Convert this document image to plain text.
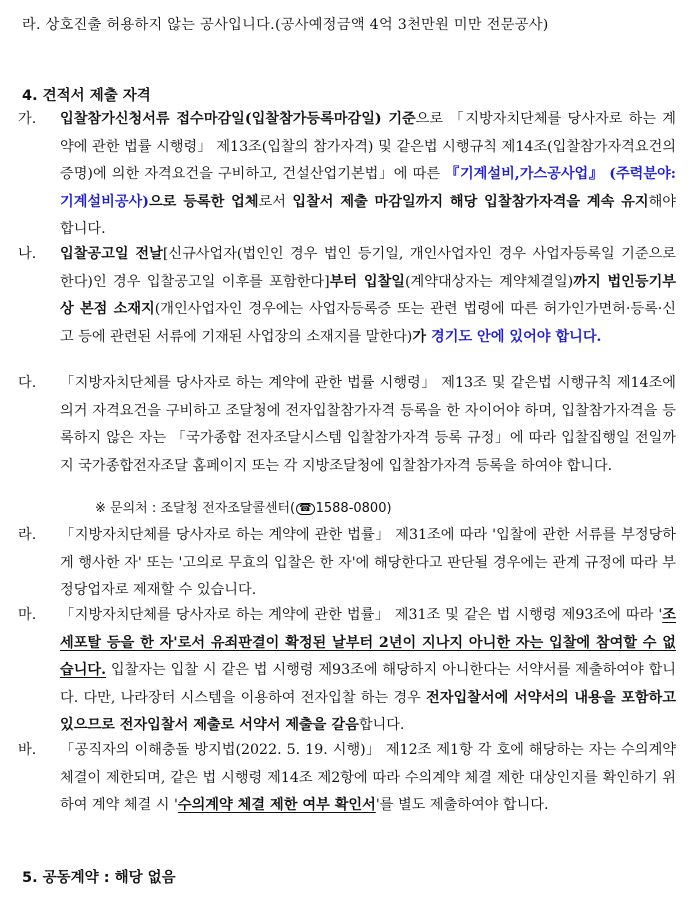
라. 상호진출 허용하지 않는 공사입니다.(공사예정금액 4억 3천만원 미만 전문공사)
4. 견적서 제출 자격
가. 입찰참가신청서류 접수마감일(입찰참가등록마감일) 기준으로 「지방자치단체를 당사자로 하는 계약에 관한 법률 시행령」 제13조(입찰의 참가자격) 및 같은법 시행규칙 제14조(입찰참가자격요건의 증명)에 의한 자격요건을 구비하고, 건설산업기본법」에 따른 『기계설비,가스공사업』 (주력분야: 기계설비공사)으로 등록한 업체로서 입찰서 제출 마감일까지 해당 입찰참가자격을 계속 유지해야 합니다.
나. 입찰공고일 전날[신규사업자(법인인 경우 법인 등기일, 개인사업자인 경우 사업자등록일 기준으로 한다)인 경우 입찰공고일 이후를 포함한다]부터 입찰일(계약대상자는 계약체결일)까지 법인등기부상 본점 소재지(개인사업자인 경우에는 사업자등록증 또는 관련 법령에 따른 허가인가면허·등록·신고 등에 관련된 서류에 기재된 사업장의 소재지를 말한다)가 경기도 안에 있어야 합니다.
다. 「지방자치단체를 당사자로 하는 계약에 관한 법률 시행령」 제13조 및 같은법 시행규칙 제14조에 의거 자격요건을 구비하고 조달청에 전자입찰참가자격 등록을 한 자이어야 하며, 입찰참가자격을 등록하지 않은 자는 「국가종합 전자조달시스템 입찰참가자격 등록 규정」에 따라 입찰집행일 전일까지 국가종합전자조달 홈페이지 또는 각 지방조달청에 입찰참가자격 등록을 하여야 합니다.
※ 문의처 : 조달청 전자조달콜센터( ☎ 1588-0800)
라. 「지방자치단체를 당사자로 하는 계약에 관한 법률」 제31조에 따라 '입찰에 관한 서류를 부정당하게 행사한 자' 또는 '고의로 무효의 입찰은 한 자'에 해당한다고 판단될 경우에는 관계 규정에 따라 부정당업자로 제재할 수 있습니다.
마. 「지방자치단체를 당사자로 하는 계약에 관한 법률」 제31조 및 같은 법 시행령 제93조에 따라 '조세포탈 등을 한 자'로서 유죄판결이 확정된 날부터 2년이 지나지 아니한 자는 입찰에 참여할 수 없습니다. 입찰자는 입찰 시 같은 법 시행령 제93조에 해당하지 아니한다는 서약서를 제출하여야 합니다. 다만, 나라장터 시스템을 이용하여 전자입찰 하는 경우 전자입찰서에 서약서의 내용을 포함하고 있으므로 전자입찰서 제출로 서약서 제출을 갈음합니다.
바. 「공직자의 이해충돌 방지법(2022. 5. 19. 시행)」 제12조 제1항 각 호에 해당하는 자는 수의계약 체결이 제한되며, 같은 법 시행령 제14조 제2항에 따라 수의계약 체결 제한 대상인지를 확인하기 위하여 계약 체결 시 '수의계약 체결 제한 여부 확인서'를 별도 제출하여야 합니다.
5. 공동계약 : 해당 없음
